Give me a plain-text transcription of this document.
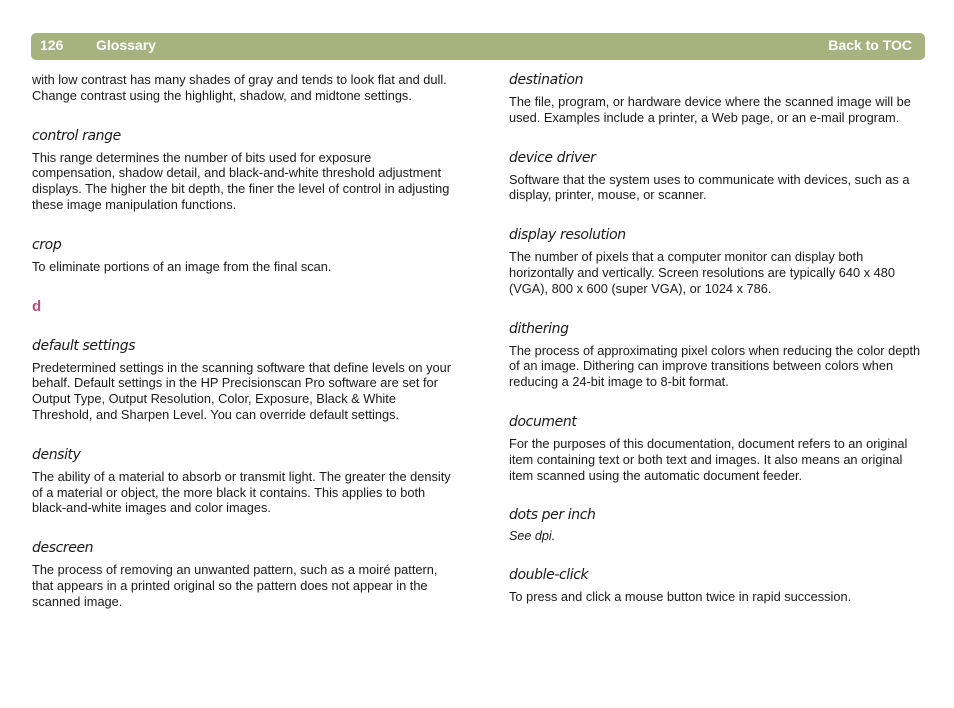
126 Glossary	Back to TOC

with low contrast has many shades of gray and tends to look flat and dull. Change contrast using the highlight, shadow, and midtone settings.

control range

This range determines the number of bits used for exposure compensation, shadow detail, and black-and-white threshold adjustment displays. The higher the bit depth, the finer the level of control in adjusting these image manipulation functions.

crop

To eliminate portions of an image from the final scan.

d

default settings

Predetermined settings in the scanning software that define levels on your behalf. Default settings in the HP Precisionscan Pro software are set for Output Type, Output Resolution, Color, Exposure, Black & White Threshold, and Sharpen Level. You can override default settings.

density

The ability of a material to absorb or transmit light. The greater the density of a material or object, the more black it contains. This applies to both black-and-white images and color images.

descreen

The process of removing an unwanted pattern, such as a moiré pattern, that appears in a printed original so the pattern does not appear in the scanned image.

destination

The file, program, or hardware device where the scanned image will be used. Examples include a printer, a Web page, or an e-mail program.

device driver

Software that the system uses to communicate with devices, such as a display, printer, mouse, or scanner.

display resolution

The number of pixels that a computer monitor can display both horizontally and vertically. Screen resolutions are typically 640 x 480 (VGA), 800 x 600 (super VGA), or 1024 x 786.

dithering

The process of approximating pixel colors when reducing the color depth of an image. Dithering can improve transitions between colors when reducing a 24-bit image to 8-bit format.

document

For the purposes of this documentation, document refers to an original item containing text or both text and images. It also means an original item scanned using the automatic document feeder.

dots per inch

See dpi.

double-click

To press and click a mouse button twice in rapid succession.
